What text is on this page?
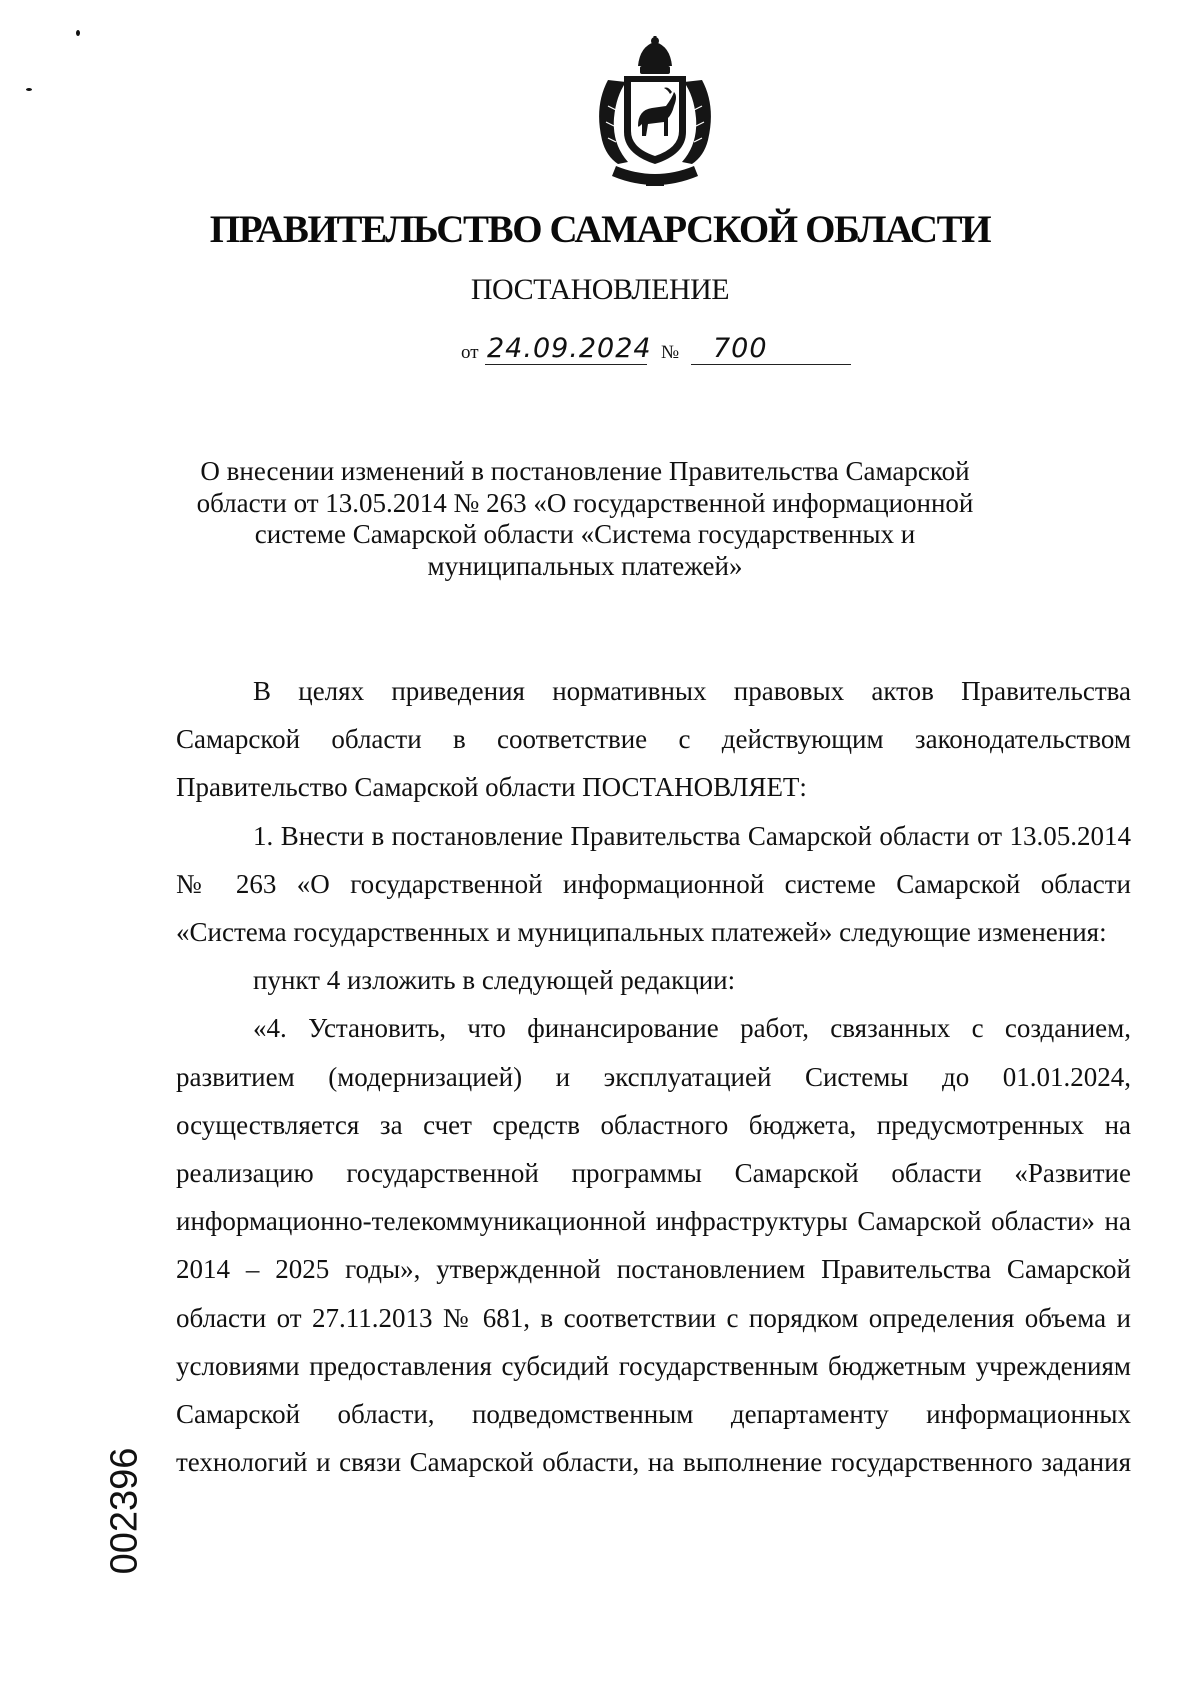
ПРАВИТЕЛЬСТВО САМАРСКОЙ ОБЛАСТИ
ПОСТАНОВЛЕНИЕ
от 24.09.2024 № 700
О внесении изменений в постановление Правительства Самарской области от 13.05.2014 № 263 «О государственной информационной системе Самарской области «Система государственных и муниципальных платежей»

В целях приведения нормативных правовых актов Правительства Самарской области в соответствие с действующим законодательством Правительство Самарской области ПОСТАНОВЛЯЕТ:

1. Внести в постановление Правительства Самарской области от 13.05.2014 № 263 «О государственной информационной системе Самарской области «Система государственных и муниципальных платежей» следующие изменения:

пункт 4 изложить в следующей редакции:

«4. Установить, что финансирование работ, связанных с созданием, развитием (модернизацией) и эксплуатацией Системы до 01.01.2024, осуществляется за счет средств областного бюджета, предусмотренных на реализацию государственной программы Самарской области «Развитие информационно-телекоммуникационной инфраструктуры Самарской области» на 2014 – 2025 годы», утвержденной постановлением Правительства Самарской области от 27.11.2013 № 681, в соответствии с порядком определения объема и условиями предоставления субсидий государственным бюджетным учреждениям Самарской области, подведомственным департаменту информационных технологий и связи Самарской области, на выполнение государственного задания

002396
